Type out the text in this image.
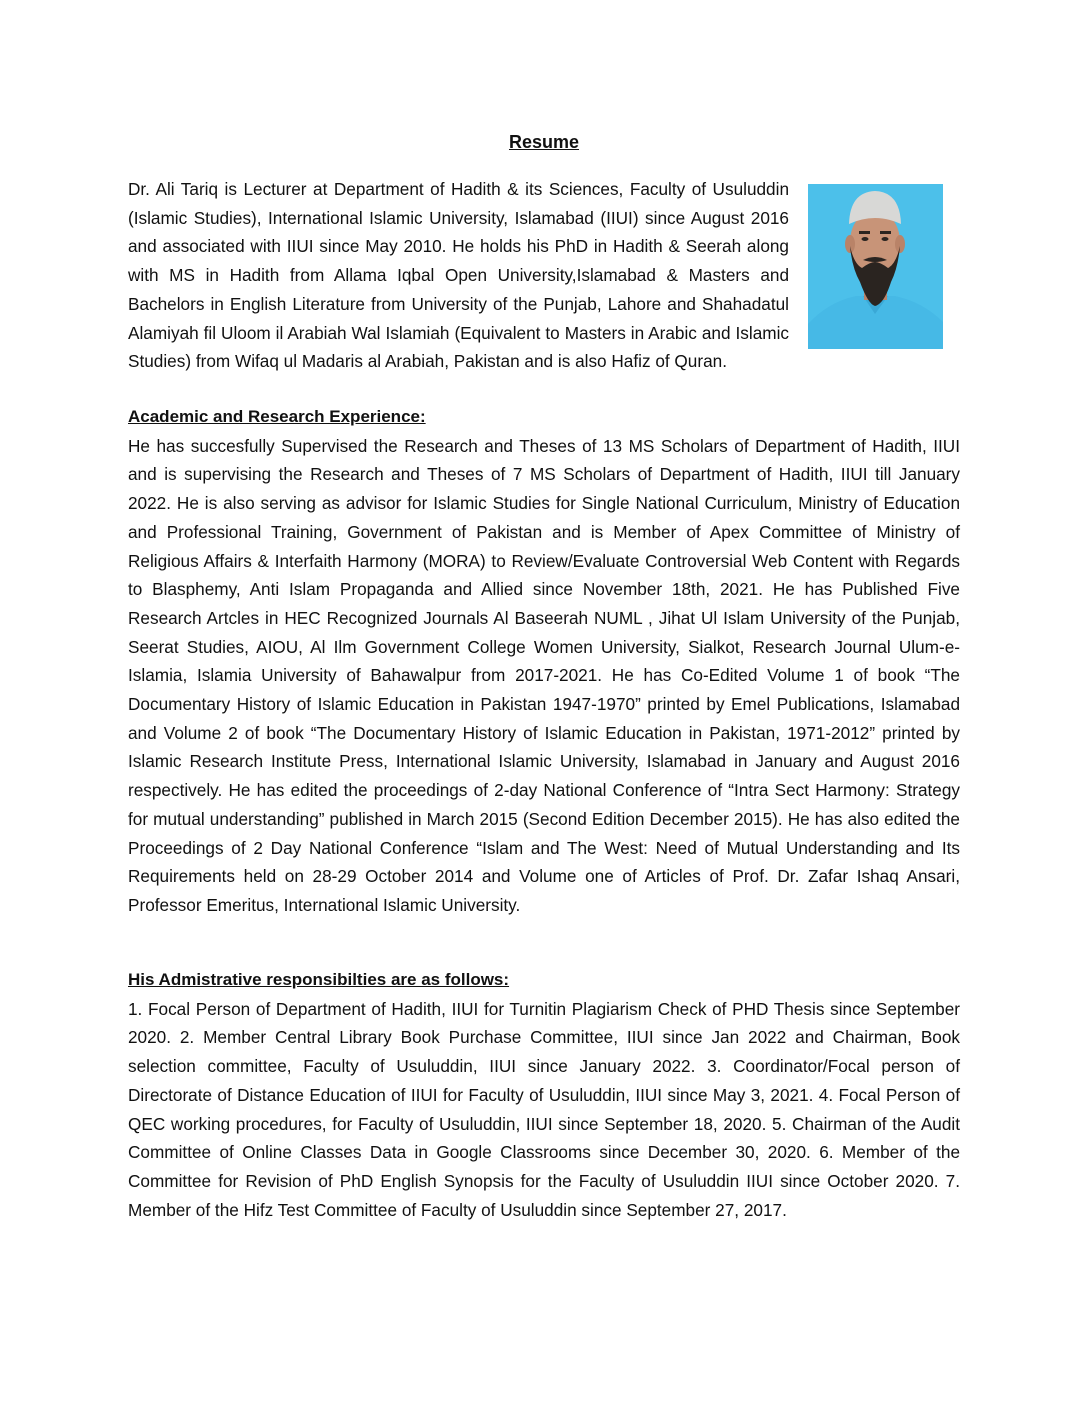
Resume

Dr. Ali Tariq is Lecturer at Department of Hadith & its Sciences, Faculty of Usuluddin (Islamic Studies), International Islamic University, Islamabad (IIUI) since August 2016 and associated with IIUI since May 2010. He holds his PhD in Hadith & Seerah along with MS in Hadith from Allama Iqbal Open University,Islamabad & Masters and Bachelors in English Literature from University of the Punjab, Lahore and Shahadatul Alamiyah fil Uloom il Arabiah Wal Islamiah (Equivalent to Masters in Arabic and Islamic Studies) from Wifaq ul Madaris al Arabiah, Pakistan and is also Hafiz of Quran.

Academic and Research Experience:

He has succesfully Supervised the Research and Theses of 13 MS Scholars of Department of Hadith, IIUI and is supervising the Research and Theses of 7 MS Scholars of Department of Hadith, IIUI till January 2022. He is also serving as advisor for Islamic Studies for Single National Curriculum, Ministry of Education and Professional Training, Government of Pakistan and is Member of Apex Committee of Ministry of Religious Affairs & Interfaith Harmony (MORA) to Review/Evaluate Controversial Web Content with Regards to Blasphemy, Anti Islam Propaganda and Allied since November 18th, 2021. He has Published Five Research Artcles in HEC Recognized Journals Al Baseerah NUML , Jihat Ul Islam University of the Punjab, Seerat Studies, AIOU, Al Ilm Government College Women University, Sialkot, Research Journal Ulum-e-Islamia, Islamia University of Bahawalpur from 2017-2021. He has Co-Edited Volume 1 of book “The Documentary History of Islamic Education in Pakistan 1947-1970” printed by Emel Publications, Islamabad and Volume 2 of book “The Documentary History of Islamic Education in Pakistan, 1971-2012” printed by Islamic Research Institute Press, International Islamic University, Islamabad in January and August 2016 respectively. He has edited the proceedings of 2-day National Conference of “Intra Sect Harmony: Strategy for mutual understanding” published in March 2015 (Second Edition December 2015). He has also edited the Proceedings of 2 Day National Conference “Islam and The West: Need of Mutual Understanding and Its Requirements held on 28-29 October 2014 and Volume one of Articles of Prof. Dr. Zafar Ishaq Ansari, Professor Emeritus, International Islamic University.

His Admistrative responsibilties are as follows:

1. Focal Person of Department of Hadith, IIUI for Turnitin Plagiarism Check of PHD Thesis since September 2020. 2. Member Central Library Book Purchase Committee, IIUI since Jan 2022 and Chairman, Book selection committee, Faculty of Usuluddin, IIUI since January 2022. 3. Coordinator/Focal person of Directorate of Distance Education of IIUI for Faculty of Usuluddin, IIUI since May 3, 2021. 4. Focal Person of QEC working procedures, for Faculty of Usuluddin, IIUI since September 18, 2020. 5. Chairman of the Audit Committee of Online Classes Data in Google Classrooms since December 30, 2020. 6. Member of the Committee for Revision of PhD English Synopsis for the Faculty of Usuluddin IIUI since October 2020. 7. Member of the Hifz Test Committee of Faculty of Usuluddin since September 27, 2017.
